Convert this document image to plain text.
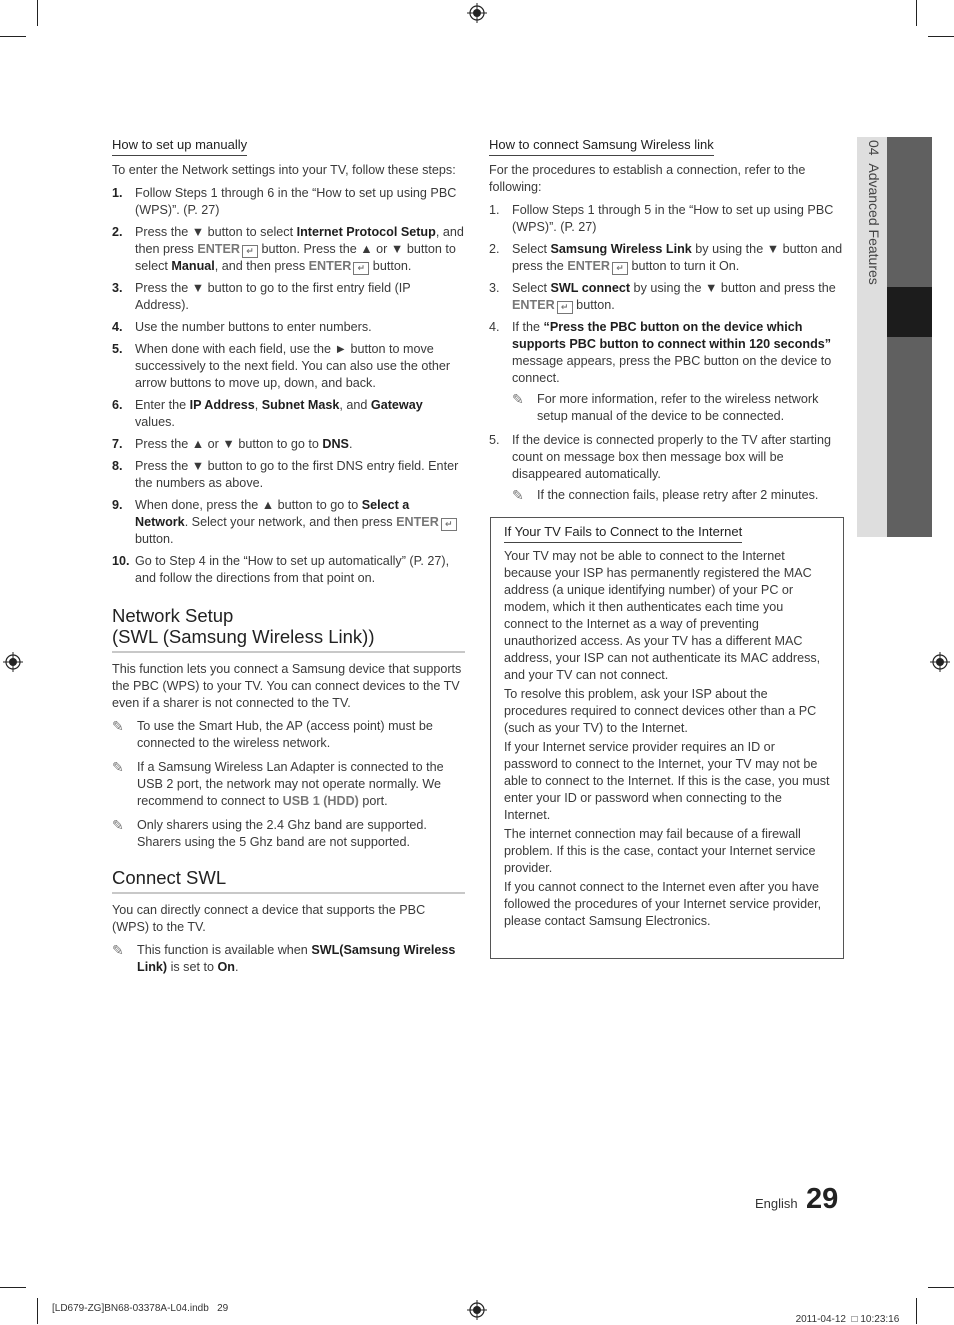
04  Advanced Features
How to set up manually

To enter the Network settings into your TV, follow these steps:

1. Follow Steps 1 through 6 in the “How to set up using PBC (WPS)”. (P. 27)
2. Press the ▼ button to select Internet Protocol Setup, and then press ENTER ↵ button. Press the ▲ or ▼ button to select Manual, and then press ENTER ↵ button.
3. Press the ▼ button to go to the first entry field (IP Address).
4. Use the number buttons to enter numbers.
5. When done with each field, use the ► button to move successively to the next field. You can also use the other arrow buttons to move up, down, and back.
6. Enter the IP Address, Subnet Mask, and Gateway values.
7. Press the ▲ or ▼ button to go to DNS.
8. Press the ▼ button to go to the first DNS entry field. Enter the numbers as above.
9. When done, press the ▲ button to go to Select a Network. Select your network, and then press ENTER ↵ button.
10. Go to Step 4 in the “How to set up automatically” (P. 27), and follow the directions from that point on.
Network Setup
(SWL (Samsung Wireless Link))

This function lets you connect a Samsung device that supports the PBC (WPS) to your TV. You can connect devices to the TV even if a sharer is not connected to the TV.

✎ To use the Smart Hub, the AP (access point) must be connected to the wireless network.
✎ If a Samsung Wireless Lan Adapter is connected to the USB 2 port, the network may not operate normally. We recommend to connect to USB 1 (HDD) port.
✎ Only sharers using the 2.4 Ghz band are supported. Sharers using the 5 Ghz band are not supported.
Connect SWL

You can directly connect a device that supports the PBC (WPS) to the TV.

✎ This function is available when SWL(Samsung Wireless Link) is set to On.
How to connect Samsung Wireless link

For the procedures to establish a connection, refer to the following:

1. Follow Steps 1 through 5 in the “How to set up using PBC (WPS)”. (P. 27)
2. Select Samsung Wireless Link by using the ▼ button and press the ENTER ↵ button to turn it On.
3. Select SWL connect by using the ▼ button and press the ENTER ↵ button.
4. If the “Press the PBC button on the device which supports PBC button to connect within 120 seconds” message appears, press the PBC button on the device to connect.
✎ For more information, refer to the wireless network setup manual of the device to be connected.
5. If the device is connected properly to the TV after starting count on message box then message box will be disappeared automatically.
✎ If the connection fails, please retry after 2 minutes.
If Your TV Fails to Connect to the Internet

Your TV may not be able to connect to the Internet because your ISP has permanently registered the MAC address (a unique identifying number) of your PC or modem, which it then authenticates each time you connect to the Internet as a way of preventing unauthorized access. As your TV has a different MAC address, your ISP can not authenticate its MAC address, and your TV can not connect.

To resolve this problem, ask your ISP about the procedures required to connect devices other than a PC (such as your TV) to the Internet.

If your Internet service provider requires an ID or password to connect to the Internet, your TV may not be able to connect to the Internet. If this is the case, you must enter your ID or password when connecting to the Internet.

The internet connection may fail because of a firewall problem. If this is the case, contact your Internet service provider.

If you cannot connect to the Internet even after you have followed the procedures of your Internet service provider, please contact Samsung Electronics.

English 29
[LD679-ZG]BN68-03378A-L04.indb   29

2011-04-12 □ 10:23:16
